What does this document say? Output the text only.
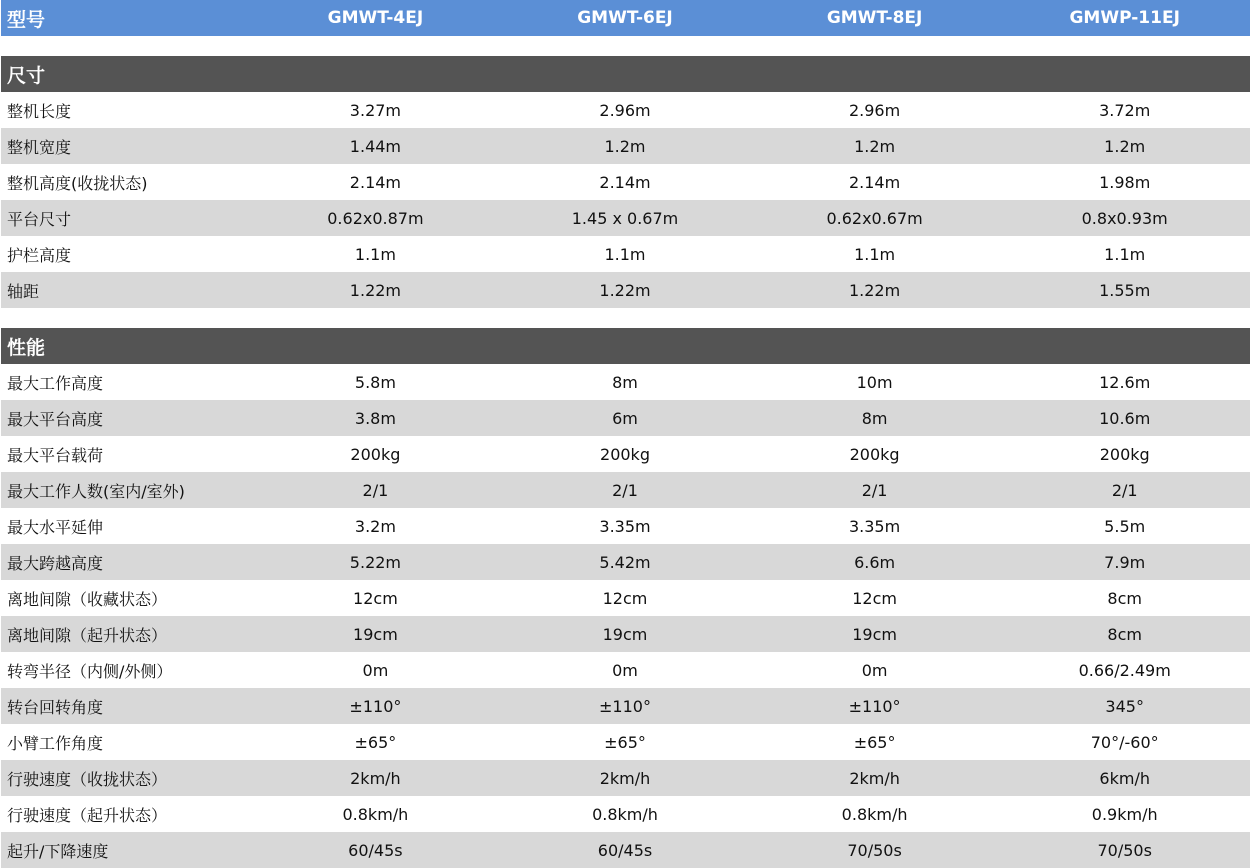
型号	GMWT-4EJ	GMWT-6EJ	GMWT-8EJ	GMWP-11EJ
尺寸
整机长度	3.27m	2.96m	2.96m	3.72m
整机宽度	1.44m	1.2m	1.2m	1.2m
整机高度(收拢状态)	2.14m	2.14m	2.14m	1.98m
平台尺寸	0.62x0.87m	1.45 x 0.67m	0.62x0.67m	0.8x0.93m
护栏高度	1.1m	1.1m	1.1m	1.1m
轴距	1.22m	1.22m	1.22m	1.55m
性能
最大工作高度	5.8m	8m	10m	12.6m
最大平台高度	3.8m	6m	8m	10.6m
最大平台载荷	200kg	200kg	200kg	200kg
最大工作人数(室内/室外)	2/1	2/1	2/1	2/1
最大水平延伸	3.2m	3.35m	3.35m	5.5m
最大跨越高度	5.22m	5.42m	6.6m	7.9m
离地间隙（收藏状态）	12cm	12cm	12cm	8cm
离地间隙（起升状态）	19cm	19cm	19cm	8cm
转弯半径（内侧/外侧）	0m	0m	0m	0.66/2.49m
转台回转角度	±110°	±110°	±110°	345°
小臂工作角度	±65°	±65°	±65°	70°/-60°
行驶速度（收拢状态）	2km/h	2km/h	2km/h	6km/h
行驶速度（起升状态）	0.8km/h	0.8km/h	0.8km/h	0.9km/h
起升/下降速度	60/45s	60/45s	70/50s	70/50s
